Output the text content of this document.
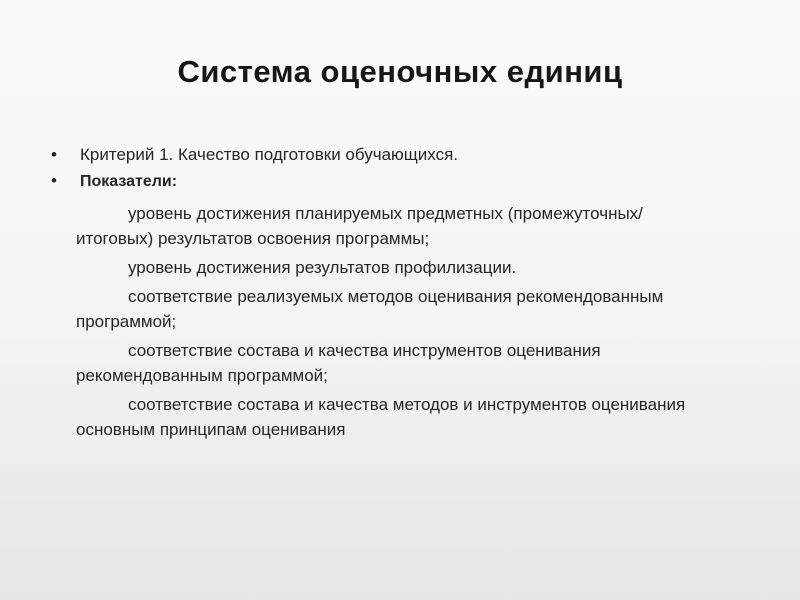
Система оценочных единиц
• Критерий 1. Качество подготовки обучающихся.
• Показатели:
уровень достижения планируемых предметных (промежуточных/итоговых) результатов освоения программы;
уровень достижения результатов профилизации.
соответствие реализуемых методов оценивания рекомендованным программой;
соответствие состава и качества инструментов оценивания рекомендованным программой;
соответствие состава и качества методов и инструментов оценивания основным принципам оценивания
